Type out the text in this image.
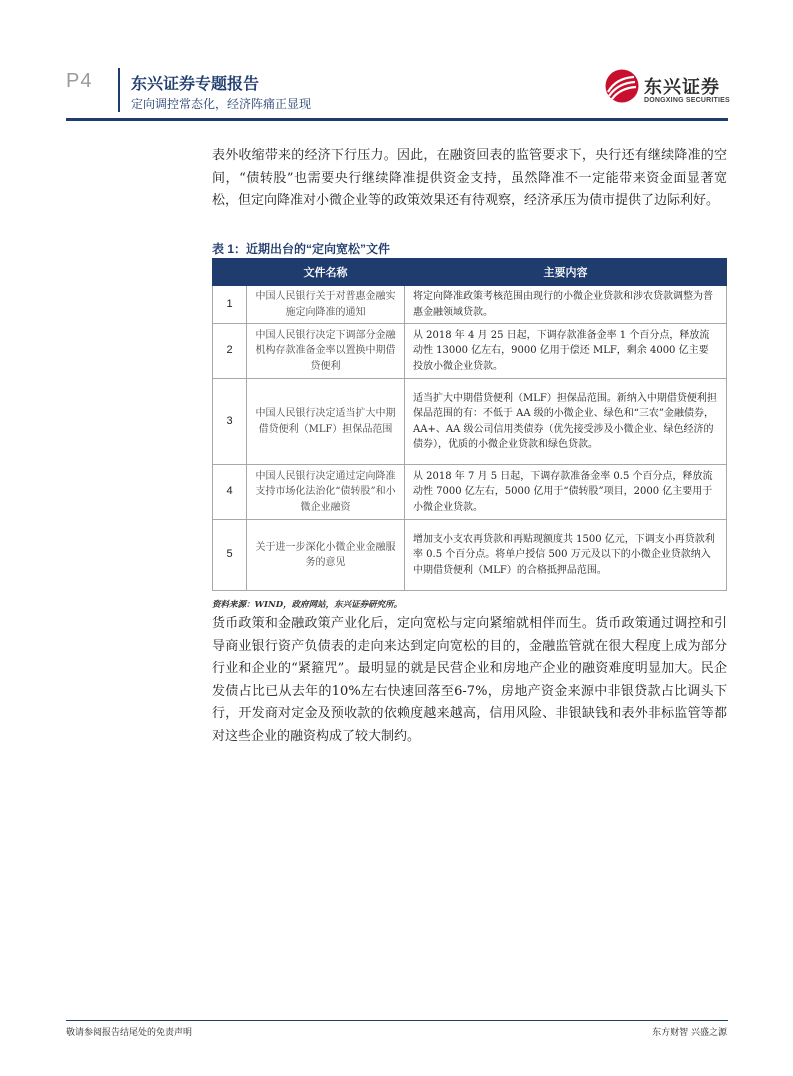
P4 东兴证券专题报告
定向调控常态化，经济阵痛正显现
东兴证券
DONGXING SECURITIES
表外收缩带来的经济下行压力。因此，在融资回表的监管要求下，央行还有继续降准的空间，“债转股”也需要央行继续降准提供资金支持，虽然降准不一定能带来资金面显著宽松，但定向降准对小微企业等的政策效果还有待观察，经济承压为债市提供了边际利好。
表 1：近期出台的“定向宽松”文件
	文件名称	主要内容
1	中国人民银行关于对普惠金融实施定向降准的通知	将定向降准政策考核范围由现行的小微企业贷款和涉农贷款调整为普惠金融领域贷款。
2	中国人民银行决定下调部分金融机构存款准备金率以置换中期借贷便利	从 2018 年 4 月 25 日起，下调存款准备金率 1 个百分点，释放流动性 13000 亿左右，9000 亿用于偿还 MLF，剩余 4000 亿主要投放小微企业贷款。
3	中国人民银行决定适当扩大中期借贷便利（MLF）担保品范围	适当扩大中期借贷便利（MLF）担保品范围。新纳入中期借贷便利担保品范围的有：不低于 AA 级的小微企业、绿色和“三农”金融债券，AA+、AA 级公司信用类债券（优先接受涉及小微企业、绿色经济的债券），优质的小微企业贷款和绿色贷款。
4	中国人民银行决定通过定向降准支持市场化法治化“债转股”和小微企业融资	从 2018 年 7 月 5 日起，下调存款准备金率 0.5 个百分点，释放流动性 7000 亿左右，5000 亿用于“债转股”项目，2000 亿主要用于小微企业贷款。
5	关于进一步深化小微企业金融服务的意见	增加支小支农再贷款和再贴现额度共 1500 亿元，下调支小再贷款利率 0.5 个百分点。将单户授信 500 万元及以下的小微企业贷款纳入中期借贷便利（MLF）的合格抵押品范围。
资料来源：WIND，政府网站，东兴证券研究所。
货币政策和金融政策产业化后，定向宽松与定向紧缩就相伴而生。货币政策通过调控和引导商业银行资产负债表的走向来达到定向宽松的目的，金融监管就在很大程度上成为部分行业和企业的“紧箍咒”。最明显的就是民营企业和房地产企业的融资难度明显加大。民企发债占比已从去年的10%左右快速回落至6-7%，房地产资金来源中非银贷款占比调头下行，开发商对定金及预收款的依赖度越来越高，信用风险、非银缺钱和表外非标监管等都对这些企业的融资构成了较大制约。
敬请参阅报告结尾处的免责声明	东方财智 兴盛之源
